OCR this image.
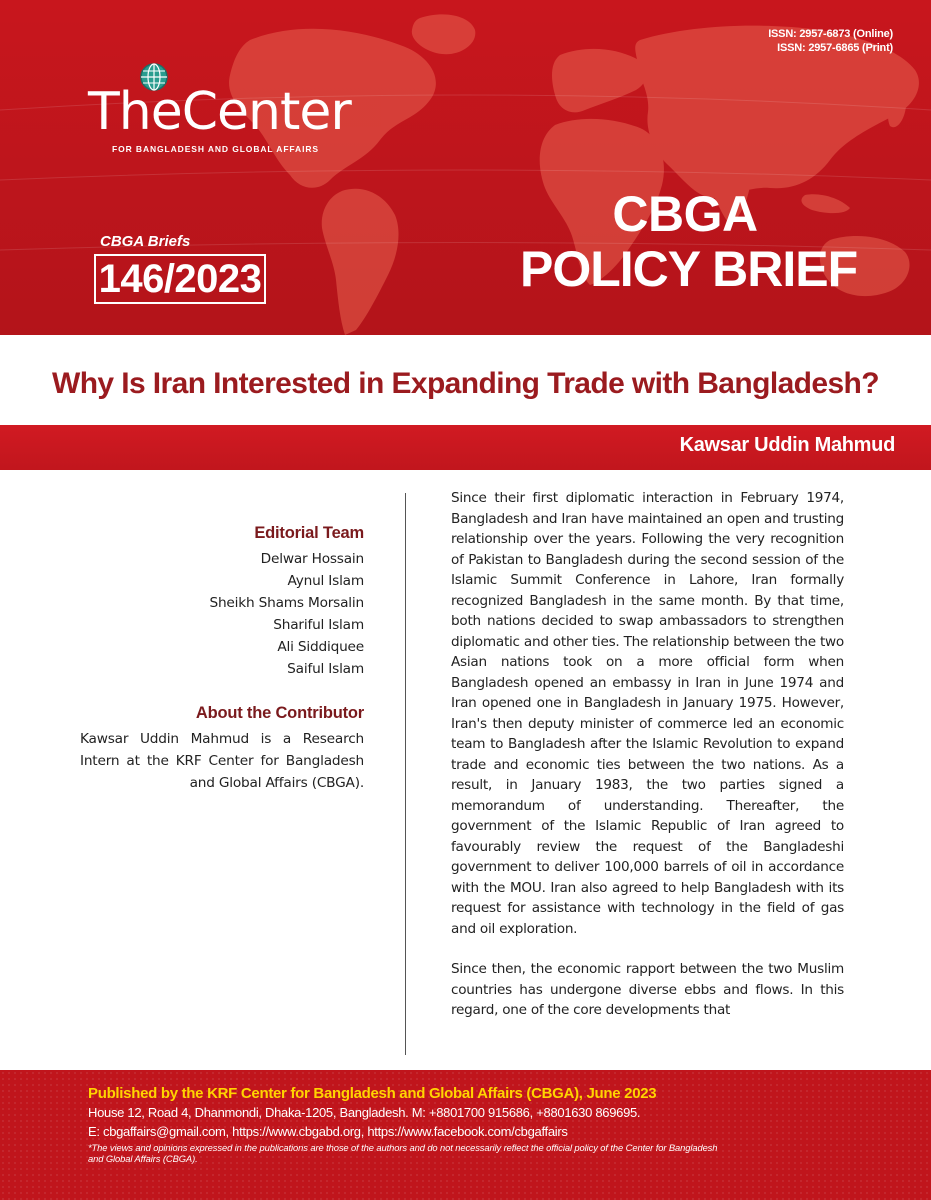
ISSN: 2957-6873 (Online)
ISSN: 2957-6865 (Print)
TheCenter
FOR BANGLADESH AND GLOBAL AFFAIRS
CBGA Briefs
146/2023
CBGA
POLICY BRIEF
Why Is Iran Interested in Expanding Trade with Bangladesh?
Kawsar Uddin Mahmud
Editorial Team
Delwar Hossain
Aynul Islam
Sheikh Shams Morsalin
Shariful Islam
Ali Siddiquee
Saiful Islam
About the Contributor
Kawsar Uddin Mahmud is a Research Intern at the KRF Center for Bangladesh and Global Affairs (CBGA).

Since their first diplomatic interaction in February 1974, Bangladesh and Iran have maintained an open and trusting relationship over the years. Following the very recognition of Pakistan to Bangladesh during the second session of the Islamic Summit Conference in Lahore, Iran formally recognized Bangladesh in the same month. By that time, both nations decided to swap ambassadors to strengthen diplomatic and other ties. The relationship between the two Asian nations took on a more official form when Bangladesh opened an embassy in Iran in June 1974 and Iran opened one in Bangladesh in January 1975. However, Iran's then deputy minister of commerce led an economic team to Bangladesh after the Islamic Revolution to expand trade and economic ties between the two nations. As a result, in January 1983, the two parties signed a memorandum of understanding. Thereafter, the government of the Islamic Republic of Iran agreed to favourably review the request of the Bangladeshi government to deliver 100,000 barrels of oil in accordance with the MOU. Iran also agreed to help Bangladesh with its request for assistance with technology in the field of gas and oil exploration.

Since then, the economic rapport between the two Muslim countries has undergone diverse ebbs and flows. In this regard, one of the core developments that

Published by the KRF Center for Bangladesh and Global Affairs (CBGA), June 2023
House 12, Road 4, Dhanmondi, Dhaka-1205, Bangladesh. M: +8801700 915686, +8801630 869695.
E: cbgaffairs@gmail.com, https://www.cbgabd.org, https://www.facebook.com/cbgaffairs
*The views and opinions expressed in the publications are those of the authors and do not necessarily reflect the official policy of the Center for Bangladesh and Global Affairs (CBGA).
